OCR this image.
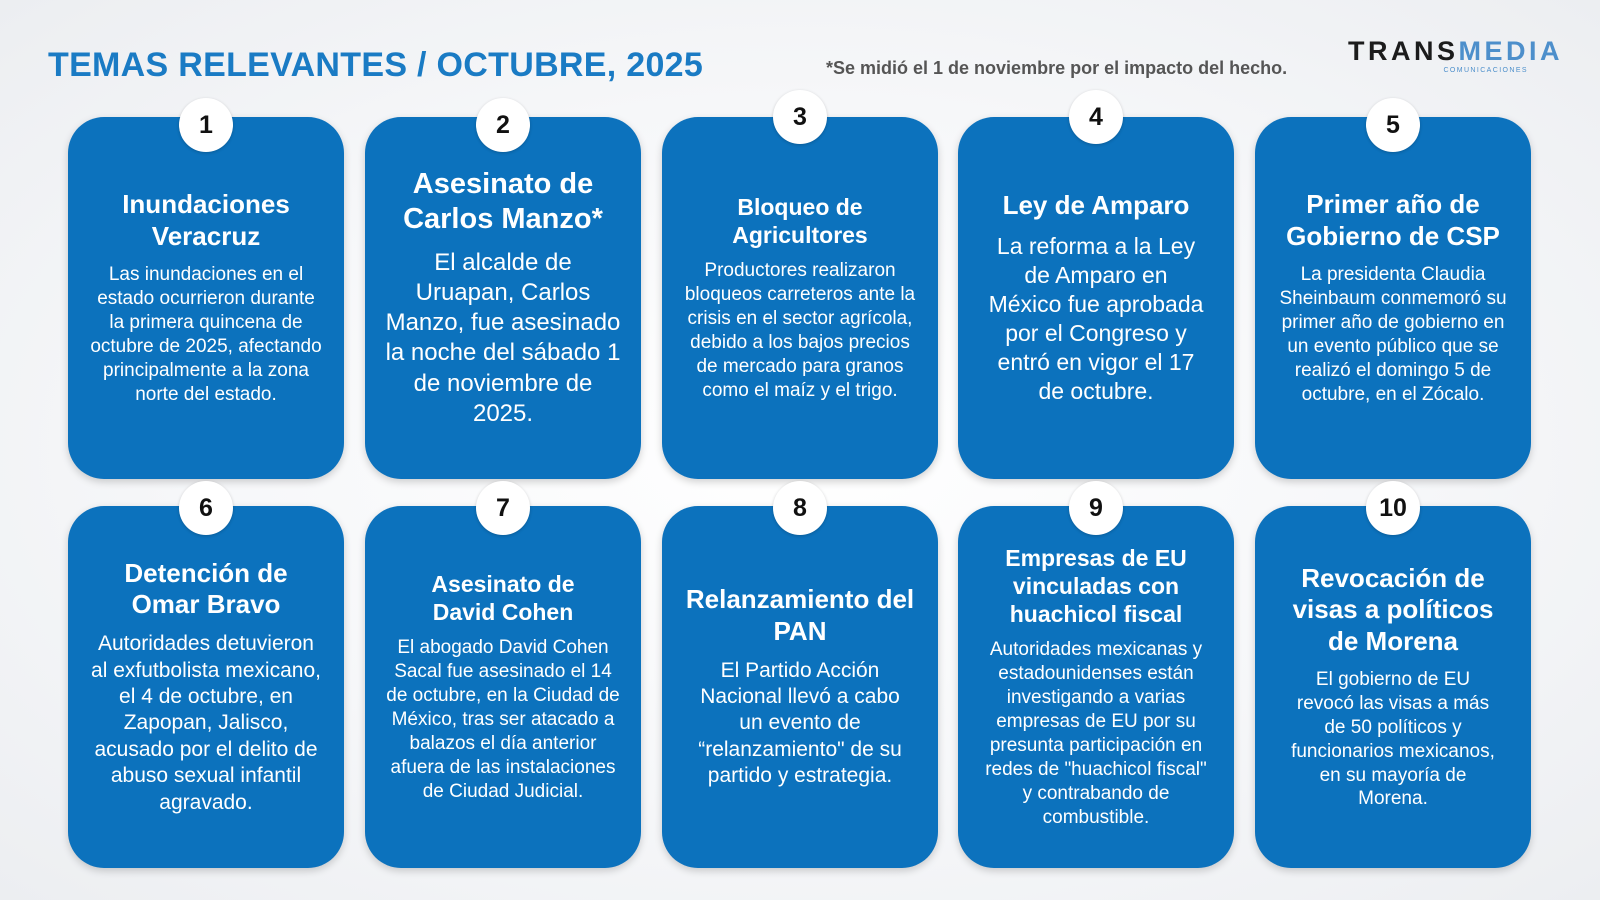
TEMAS RELEVANTES / OCTUBRE, 2025	*Se midió el 1 de noviembre por el impacto del hecho.
TRANSMEDIA
COMUNICACIONES
Inundaciones Veracruz
Las inundaciones en el estado ocurrieron durante la primera quincena de octubre de 2025, afectando principalmente a la zona norte del estado.
Asesinato de Carlos Manzo*
El alcalde de Uruapan, Carlos Manzo, fue asesinado la noche del sábado 1 de noviembre de 2025.
Bloqueo de Agricultores
Productores realizaron bloqueos carreteros ante la crisis en el sector agrícola, debido a los bajos precios de mercado para granos como el maíz y el trigo.
Ley de Amparo
La reforma a la Ley de Amparo en México fue aprobada por el Congreso y entró en vigor el 17 de octubre.
Primer año de Gobierno de CSP
La presidenta Claudia Sheinbaum conmemoró su primer año de gobierno en un evento público que se realizó el domingo 5 de octubre, en el Zócalo.
Detención de Omar Bravo
Autoridades detuvieron al exfutbolista mexicano, el 4 de octubre, en Zapopan, Jalisco, acusado por el delito de abuso sexual infantil agravado.
Asesinato de David Cohen
El abogado David Cohen Sacal fue asesinado el 14 de octubre, en la Ciudad de México, tras ser atacado a balazos el día anterior afuera de las instalaciones de Ciudad Judicial.
Relanzamiento del PAN
El Partido Acción Nacional llevó a cabo un evento de “relanzamiento" de su partido y estrategia.
Empresas de EU vinculadas con huachicol fiscal
Autoridades mexicanas y estadounidenses están investigando a varias empresas de EU por su presunta participación en redes de "huachicol fiscal" y contrabando de combustible.
Revocación de visas a políticos de Morena
El gobierno de EU revocó las visas a más de 50 políticos y funcionarios mexicanos, en su mayoría de Morena.
1	2	3	4	5
6	7	8	9	10
